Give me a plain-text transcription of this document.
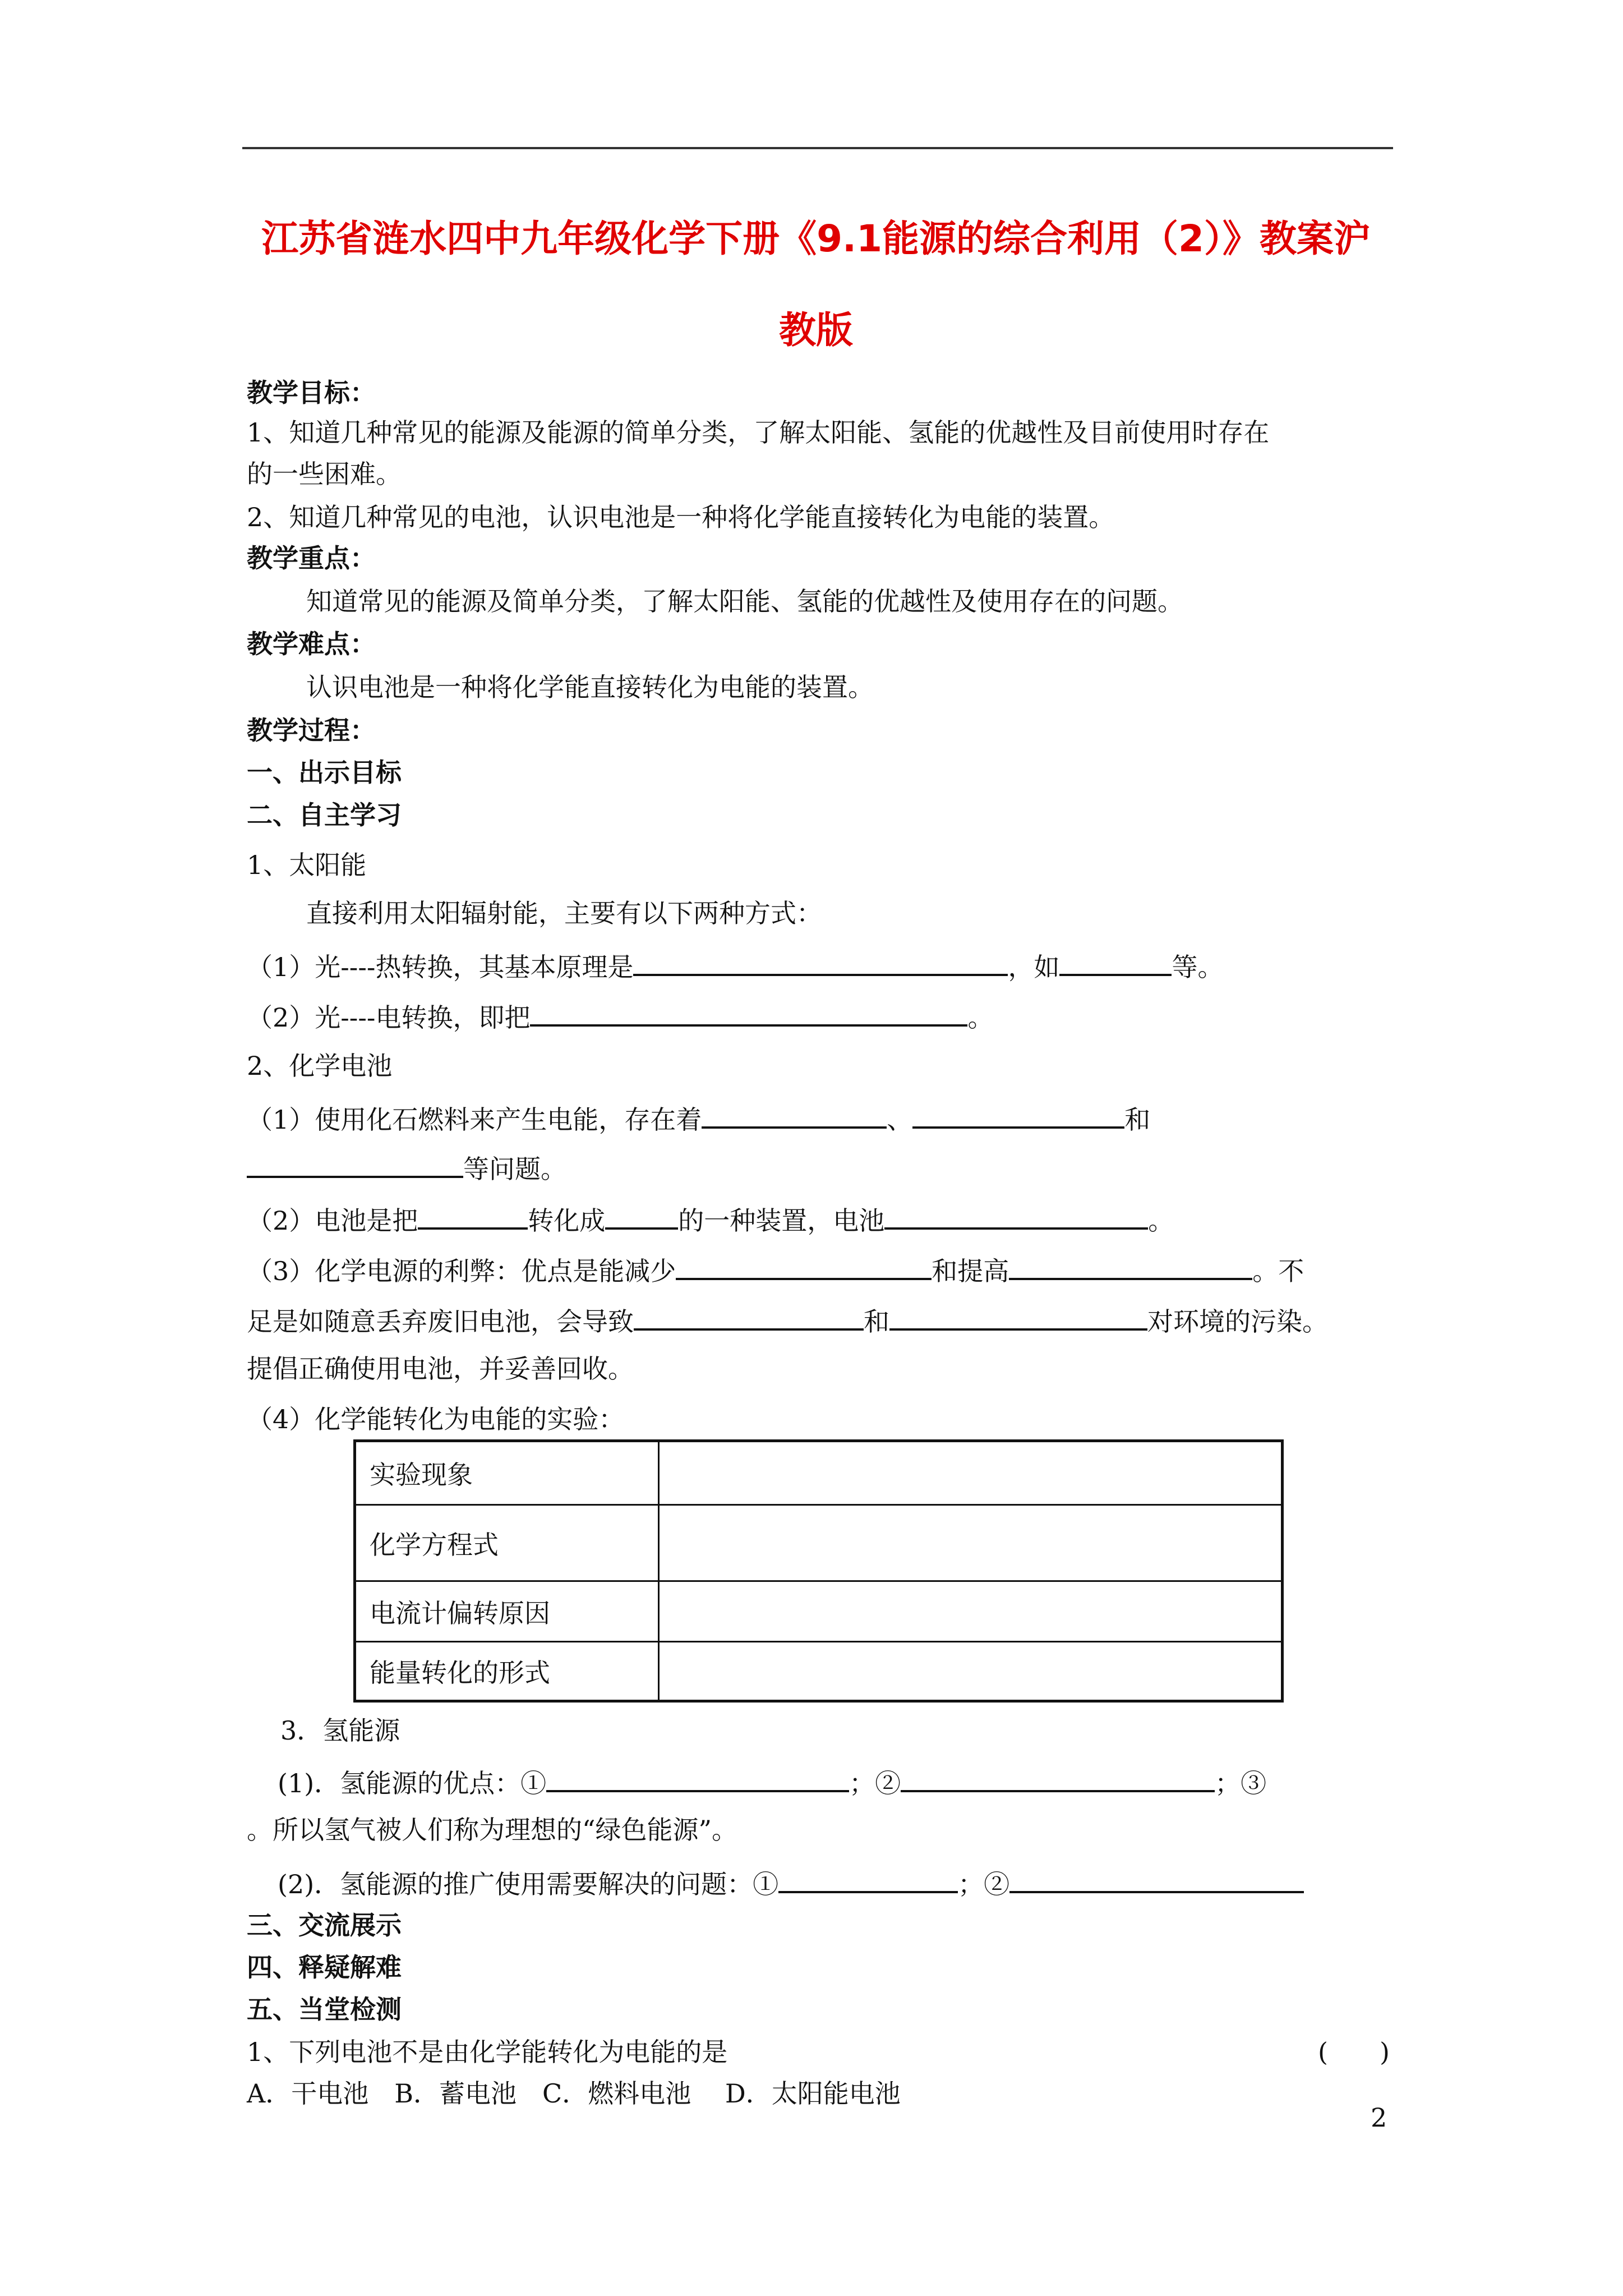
江苏省涟水四中九年级化学下册《9.1能源的综合利用（2）》教案沪
教版
教学目标：
1、知道几种常见的能源及能源的简单分类，了解太阳能、氢能的优越性及目前使用时存在
的一些困难。
2、知道几种常见的电池，认识电池是一种将化学能直接转化为电能的装置。
教学重点：
知道常见的能源及简单分类，了解太阳能、氢能的优越性及使用存在的问题。
教学难点：
认识电池是一种将化学能直接转化为电能的装置。
教学过程：
一、出示目标
二、自主学习
1、太阳能
直接利用太阳辐射能，主要有以下两种方式：
（1）光----热转换，其基本原理是	，如	等。
（2）光----电转换，即把	。
2、化学电池
（1）使用化石燃料来产生电能，存在着	、	和
等问题。
（2）电池是把	转化成	的一种装置，电池	。
（3）化学电源的利弊：优点是能减少	和提高	。不
足是如随意丢弃废旧电池，会导致	和	对环境的污染。
提倡正确使用电池，并妥善回收。
（4）化学能转化为电能的实验：
实验现象	
化学方程式	
电流计偏转原因	
能量转化的形式	
3．氢能源
(1)．氢能源的优点：①	；②	；③
。所以氢气被人们称为理想的“绿色能源”。
(2)．氢能源的推广使用需要解决的问题：①	；②
三、交流展示
四、释疑解难
五、当堂检测
1、下列电池不是由化学能转化为电能的是	(　　)
A．干电池　B．蓄电池　C．燃料电池　 D．太阳能电池
2
